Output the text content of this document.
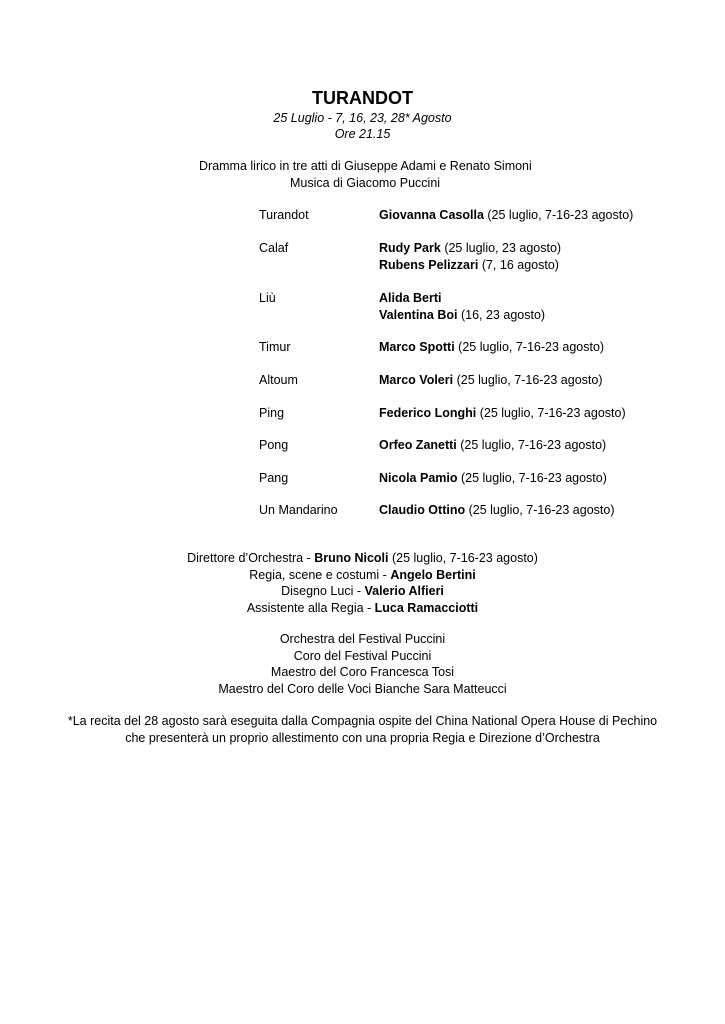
TURANDOT
25 Luglio - 7, 16, 23, 28* Agosto
Ore 21.15
Dramma lirico in tre atti di Giuseppe Adami e Renato Simoni
Musica di Giacomo Puccini
Turandot	Giovanna Casolla (25 luglio, 7-16-23 agosto)
Calaf	Rudy Park (25 luglio, 23 agosto)
Rubens Pelizzari (7, 16 agosto)
Liù	Alida Berti
Valentina Boi (16, 23 agosto)
Timur	Marco Spotti (25 luglio, 7-16-23 agosto)
Altoum	Marco Voleri (25 luglio, 7-16-23 agosto)
Ping	Federico Longhi (25 luglio, 7-16-23 agosto)
Pong	Orfeo Zanetti (25 luglio, 7-16-23 agosto)
Pang	Nicola Pamio (25 luglio, 7-16-23 agosto)
Un Mandarino	Claudio Ottino (25 luglio, 7-16-23 agosto)
Direttore d’Orchestra - Bruno Nicoli (25 luglio, 7-16-23 agosto)
Regia, scene e costumi - Angelo Bertini
Disegno Luci - Valerio Alfieri
Assistente alla Regia - Luca Ramacciotti
Orchestra del Festival Puccini
Coro del Festival Puccini
Maestro del Coro Francesca Tosi
Maestro del Coro delle Voci Bianche Sara Matteucci
*La recita del 28 agosto sarà eseguita dalla Compagnia ospite del China National Opera House di Pechino
che presenterà un proprio allestimento con una propria Regia e Direzione d’Orchestra
